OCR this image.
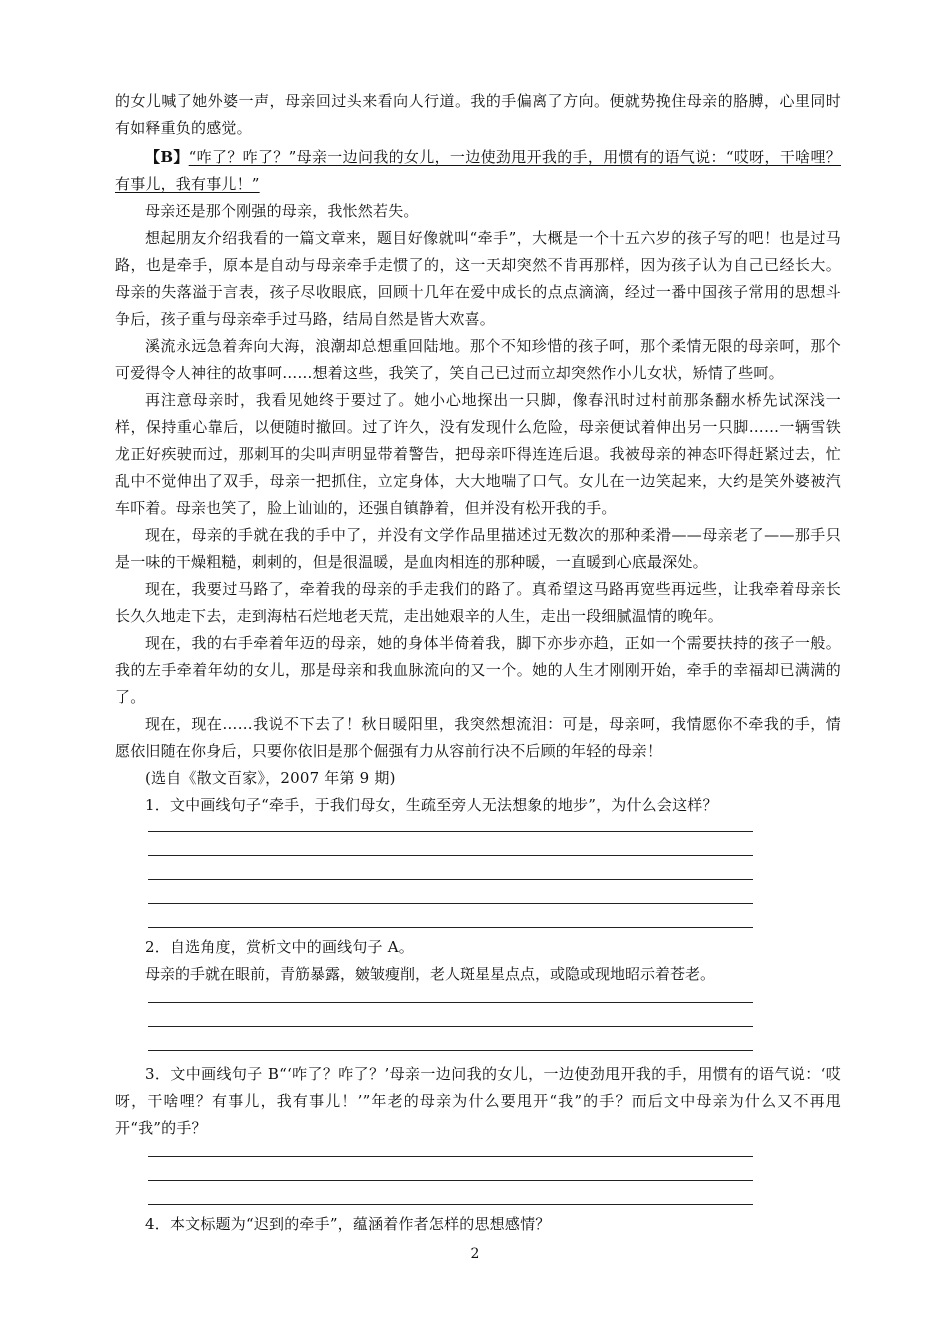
的女儿喊了她外婆一声，母亲回过头来看向人行道。我的手偏离了方向。便就势挽住母亲的胳膊，心里同时有如释重负的感觉。

【B】“咋了？咋了？”母亲一边问我的女儿，一边使劲甩开我的手，用惯有的语气说：“哎呀，干啥哩？有事儿，我有事儿！”

母亲还是那个刚强的母亲，我怅然若失。

想起朋友介绍我看的一篇文章来，题目好像就叫“牵手”，大概是一个十五六岁的孩子写的吧！也是过马路，也是牵手，原本是自动与母亲牵手走惯了的，这一天却突然不肯再那样，因为孩子认为自己已经长大。母亲的失落溢于言表，孩子尽收眼底，回顾十几年在爱中成长的点点滴滴，经过一番中国孩子常用的思想斗争后，孩子重与母亲牵手过马路，结局自然是皆大欢喜。

溪流永远急着奔向大海，浪潮却总想重回陆地。那个不知珍惜的孩子呵，那个柔情无限的母亲呵，那个可爱得令人神往的故事呵……想着这些，我笑了，笑自己已过而立却突然作小儿女状，矫情了些呵。

再注意母亲时，我看见她终于要过了。她小心地探出一只脚，像春汛时过村前那条翻水桥先试深浅一样，保持重心靠后，以便随时撤回。过了许久，没有发现什么危险，母亲便试着伸出另一只脚……一辆雪铁龙正好疾驶而过，那刺耳的尖叫声明显带着警告，把母亲吓得连连后退。我被母亲的神态吓得赶紧过去，忙乱中不觉伸出了双手，母亲一把抓住，立定身体，大大地喘了口气。女儿在一边笑起来，大约是笑外婆被汽车吓着。母亲也笑了，脸上讪讪的，还强自镇静着，但并没有松开我的手。

现在，母亲的手就在我的手中了，并没有文学作品里描述过无数次的那种柔滑——母亲老了——那手只是一味的干燥粗糙，刺刺的，但是很温暖，是血肉相连的那种暖，一直暖到心底最深处。

现在，我要过马路了，牵着我的母亲的手走我们的路了。真希望这马路再宽些再远些，让我牵着母亲长长久久地走下去，走到海枯石烂地老天荒，走出她艰辛的人生，走出一段细腻温情的晚年。

现在，我的右手牵着年迈的母亲，她的身体半倚着我，脚下亦步亦趋，正如一个需要扶持的孩子一般。我的左手牵着年幼的女儿，那是母亲和我血脉流向的又一个。她的人生才刚刚开始，牵手的幸福却已满满的了。

现在，现在……我说不下去了！秋日暖阳里，我突然想流泪：可是，母亲呵，我情愿你不牵我的手，情愿依旧随在你身后，只要你依旧是那个倔强有力从容前行决不后顾的年轻的母亲！

(选自《散文百家》，2007 年第 9 期)

1．文中画线句子“牵手，于我们母女，生疏至旁人无法想象的地步”，为什么会这样？

2．自选角度，赏析文中的画线句子 A。

母亲的手就在眼前，青筋暴露，皴皱瘦削，老人斑星星点点，或隐或现地昭示着苍老。

3．文中画线句子 B“‘咋了？咋了？’母亲一边问我的女儿，一边使劲甩开我的手，用惯有的语气说：‘哎呀，干啥哩？有事儿，我有事儿！’”年老的母亲为什么要甩开“我”的手？而后文中母亲为什么又不再甩开“我”的手？

4．本文标题为“迟到的牵手”，蕴涵着作者怎样的思想感情？

2
